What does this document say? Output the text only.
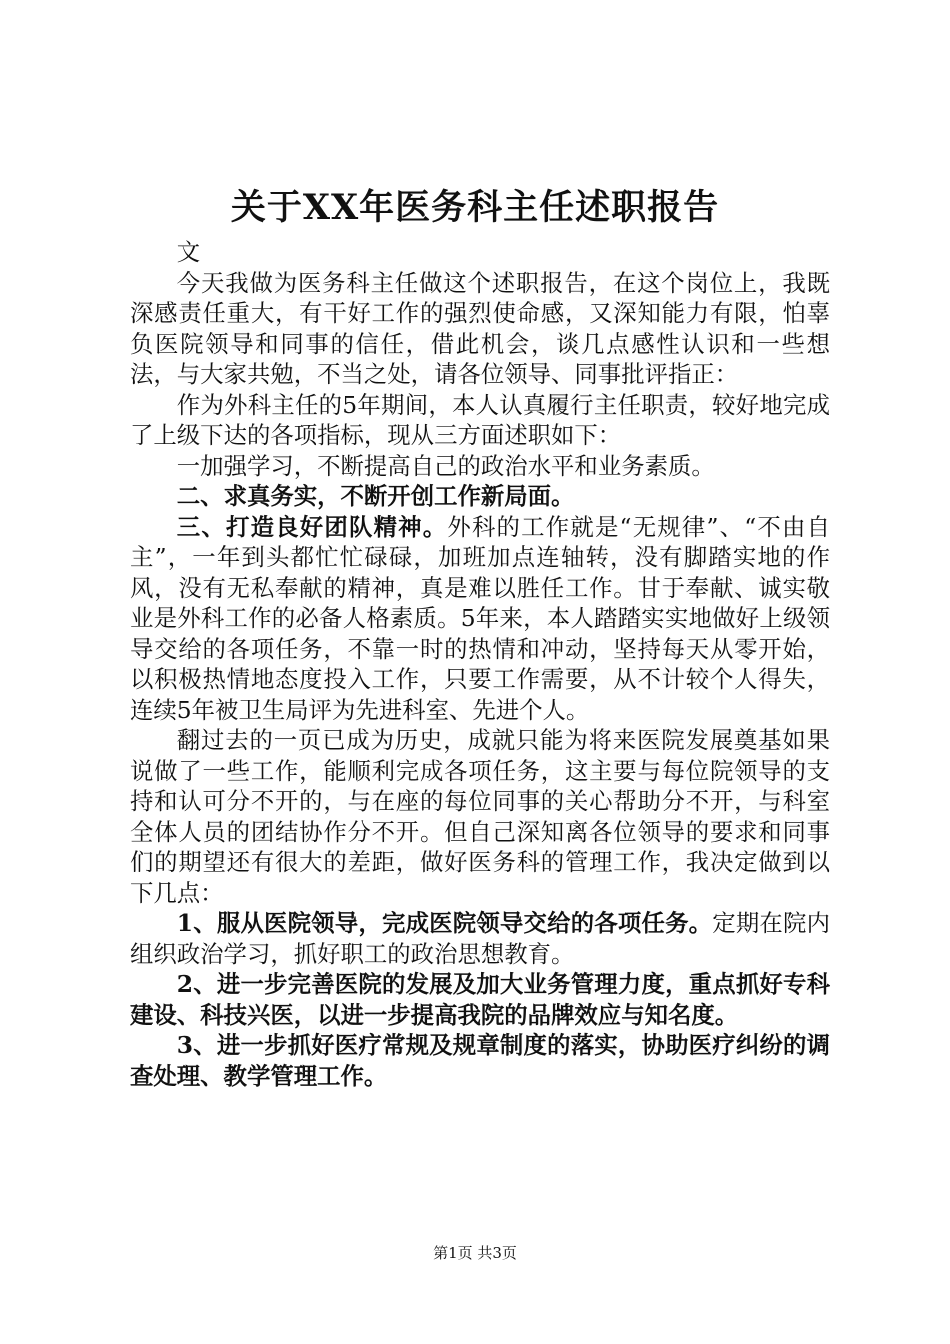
关于XX年医务科主任述职报告

文

今天我做为医务科主任做这个述职报告，在这个岗位上，我既深感责任重大，有干好工作的强烈使命感，又深知能力有限，怕辜负医院领导和同事的信任，借此机会，谈几点感性认识和一些想法，与大家共勉，不当之处，请各位领导、同事批评指正：

作为外科主任的5年期间，本人认真履行主任职责，较好地完成了上级下达的各项指标，现从三方面述职如下：

一加强学习，不断提高自己的政治水平和业务素质。

二、求真务实，不断开创工作新局面。

三、打造良好团队精神。外科的工作就是“无规律”、“不由自主”，一年到头都忙忙碌碌，加班加点连轴转，没有脚踏实地的作风，没有无私奉献的精神，真是难以胜任工作。甘于奉献、诚实敬业是外科工作的必备人格素质。5年来，本人踏踏实实地做好上级领导交给的各项任务，不靠一时的热情和冲动，坚持每天从零开始，以积极热情地态度投入工作，只要工作需要，从不计较个人得失，连续5年被卫生局评为先进科室、先进个人。

翻过去的一页已成为历史，成就只能为将来医院发展奠基如果说做了一些工作，能顺利完成各项任务，这主要与每位院领导的支持和认可分不开的，与在座的每位同事的关心帮助分不开，与科室全体人员的团结协作分不开。但自己深知离各位领导的要求和同事们的期望还有很大的差距，做好医务科的管理工作，我决定做到以下几点：

1、服从医院领导，完成医院领导交给的各项任务。定期在院内组织政治学习，抓好职工的政治思想教育。

2、进一步完善医院的发展及加大业务管理力度，重点抓好专科建设、科技兴医，以进一步提高我院的品牌效应与知名度。

3、进一步抓好医疗常规及规章制度的落实，协助医疗纠纷的调查处理、教学管理工作。

第1页 共3页
